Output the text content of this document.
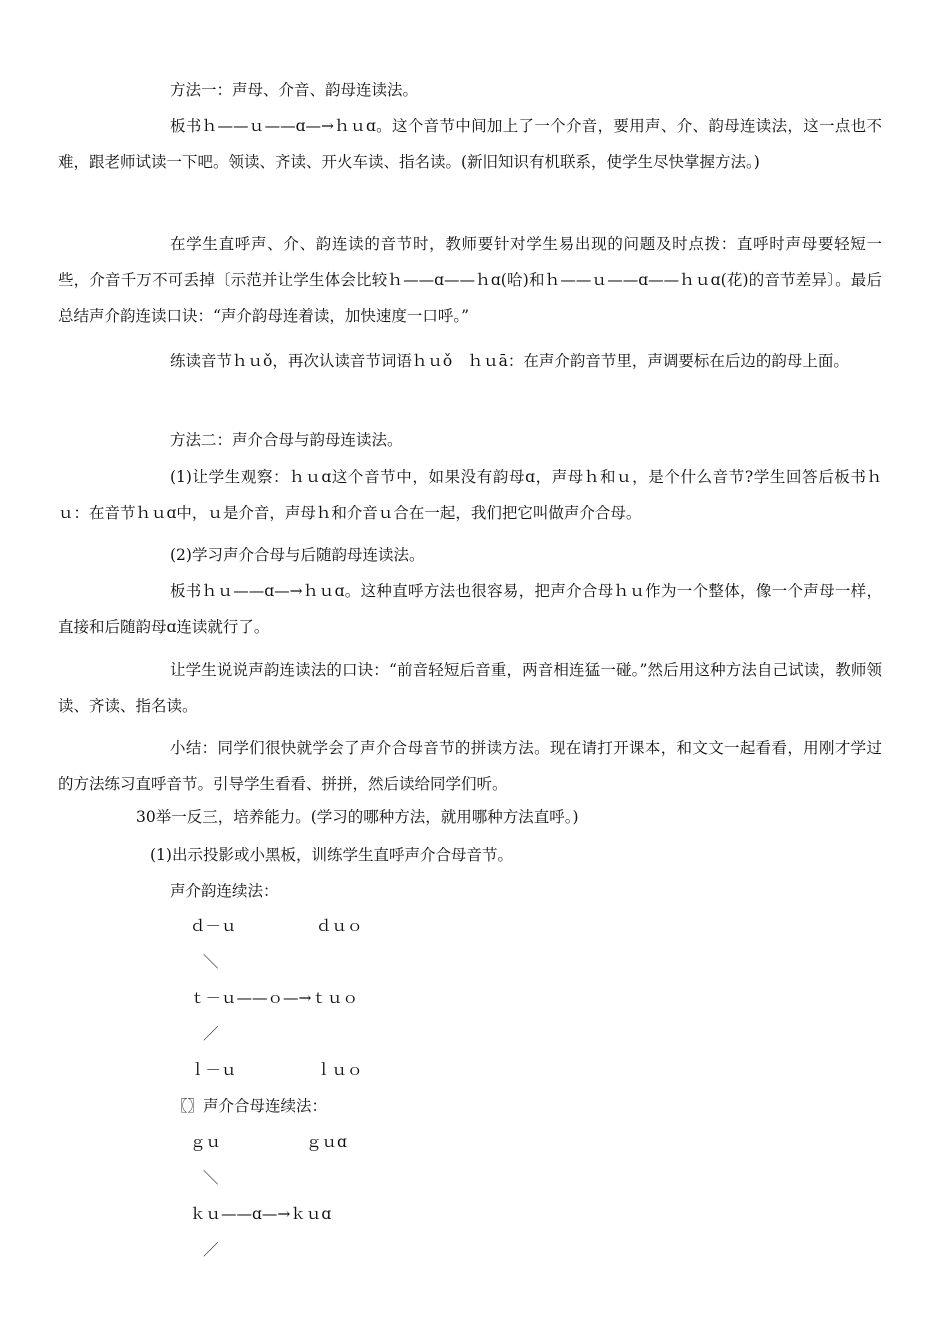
方法一：声母、介音、韵母连读法。

板书ｈ——ｕ——ɑ—→ｈｕɑ。这个音节中间加上了一个介音，要用声、介、韵母连读法，这一点也不难，跟老师试读一下吧。领读、齐读、开火车读、指名读。(新旧知识有机联系，使学生尽快掌握方法。)

在学生直呼声、介、韵连读的音节时，教师要针对学生易出现的问题及时点拨：直呼时声母要轻短一些，介音千万不可丢掉〔示范并让学生体会比较ｈ——ɑ——ｈɑ(哈)和ｈ——ｕ——ɑ——ｈｕɑ(花)的音节差异〕。最后总结声介韵连读口诀：“声介韵母连着读，加快速度一口呼。”

练读音节ｈｕǒ，再次认读音节词语ｈｕǒ　ｈｕā：在声介韵音节里，声调要标在后边的韵母上面。

方法二：声介合母与韵母连读法。

(1)让学生观察：ｈｕɑ这个音节中，如果没有韵母ɑ，声母ｈ和ｕ，是个什么音节?学生回答后板书ｈｕ：在音节ｈｕɑ中，ｕ是介音，声母ｈ和介音ｕ合在一起，我们把它叫做声介合母。

(2)学习声介合母与后随韵母连读法。

板书ｈｕ——ɑ—→ｈｕɑ。这种直呼方法也很容易，把声介合母ｈｕ作为一个整体，像一个声母一样，直接和后随韵母ɑ连读就行了。

让学生说说声韵连读法的口诀：“前音轻短后音重，两音相连猛一碰。”然后用这种方法自己试读，教师领读、齐读、指名读。

小结：同学们很快就学会了声介合母音节的拼读方法。现在请打开课本，和文文一起看看，用刚才学过的方法练习直呼音节。引导学生看看、拼拼，然后读给同学们听。

30举一反三，培养能力。(学习的哪种方法，就用哪种方法直呼。)
(1)出示投影或小黑板，训练学生直呼声介合母音节。
声介韵连续法：
ｄ－ｕ	ｄｕｏ
＼
ｔ－ｕ——ｏ—→ｔｕｏ
／
ｌ－ｕ	ｌｕｏ
〖〗声介合母连续法：
ｇｕ	ｇｕɑ
＼
ｋｕ——ɑ—→ｋｕɑ
／
